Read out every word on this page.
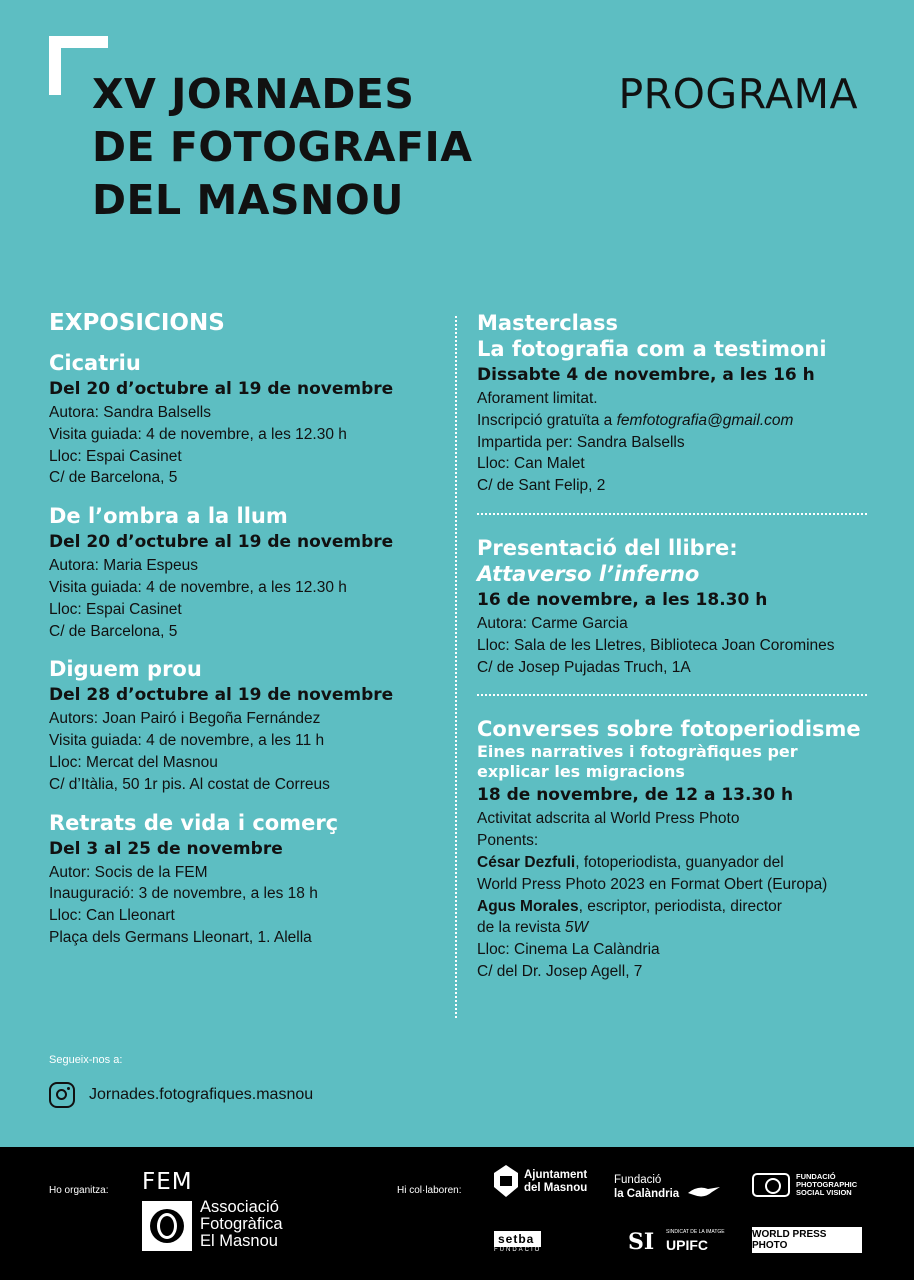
XV JORNADES
DE FOTOGRAFIA
DEL MASNOU
PROGRAMA
EXPOSICIONS

Cicatriu

Del 20 d’octubre al 19 de novembre

Autora: Sandra Balsells

Visita guiada: 4 de novembre, a les 12.30 h

Lloc: Espai Casinet

C/ de Barcelona, 5

De l’ombra a la llum

Del 20 d’octubre al 19 de novembre

Autora: Maria Espeus

Visita guiada: 4 de novembre, a les 12.30 h

Lloc: Espai Casinet

C/ de Barcelona, 5

Diguem prou

Del 28 d’octubre al 19 de novembre

Autors: Joan Pairó i Begoña Fernández

Visita guiada: 4 de novembre, a les 11 h

Lloc: Mercat del Masnou

C/ d’Itàlia, 50 1r pis. Al costat de Correus

Retrats de vida i comerç

Del 3 al 25 de novembre

Autor: Socis de la FEM

Inauguració: 3 de novembre, a les 18 h

Lloc: Can Lleonart

Plaça dels Germans Lleonart, 1. Alella

Masterclass

La fotografia com a testimoni

Dissabte 4 de novembre, a les 16 h

Aforament limitat.

Inscripció gratuïta a femfotografia@gmail.com

Impartida per: Sandra Balsells

Lloc: Can Malet

C/ de Sant Felip, 2

Presentació del llibre:

Attaverso l’inferno

16 de novembre, a les 18.30 h

Autora: Carme Garcia

Lloc: Sala de les Lletres, Biblioteca Joan Coromines

C/ de Josep Pujadas Truch, 1A

Converses sobre fotoperiodisme

Eines narratives i fotogràfiques per

explicar les migracions

18 de novembre, de 12 a 13.30 h

Activitat adscrita al World Press Photo

Ponents:

César Dezfuli, fotoperiodista, guanyador del

World Press Photo 2023 en Format Obert (Europa)

Agus Morales, escriptor, periodista, director

de la revista 5W

Lloc: Cinema La Calàndria

C/ del Dr. Josep Agell, 7

Segueix-nos a:
Jornades.fotografiques.masnou
Ho organitza: FEM
Associació
Fotogràfica
El Masnou
Hi col·laboren:
Ajuntament
del Masnou
Fundació
la Calàndria
FUNDACIÓ
PHOTOGRAPHIC
SOCIAL VISION
setba
FUNDACIÓ	SI SINDICAT DE LA IMATGE
UPIFC
WORLD PRESS PHOTO
